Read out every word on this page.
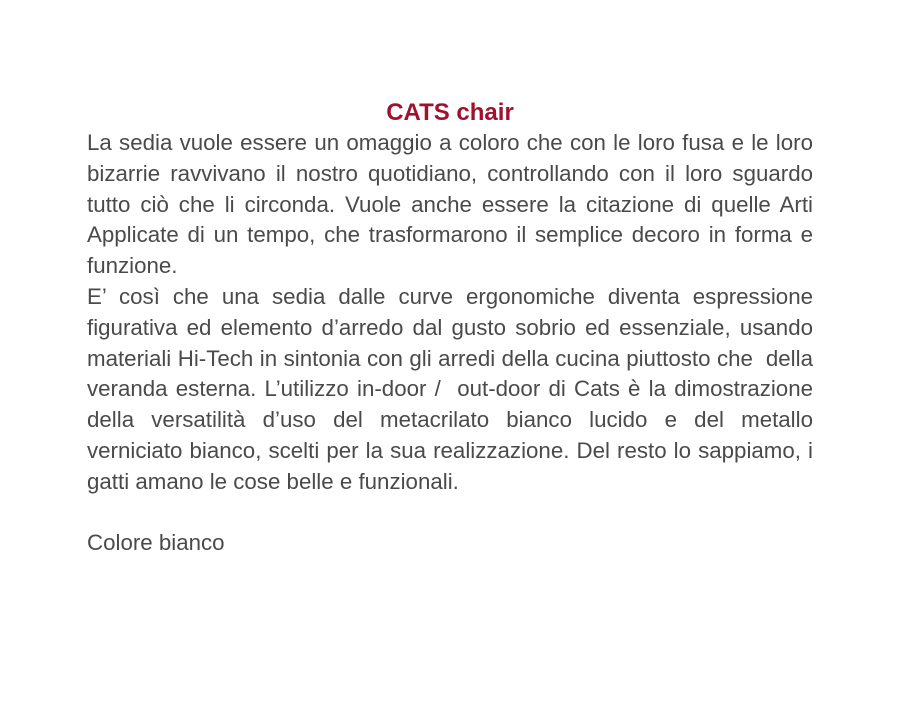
CATS chair

La sedia vuole essere un omaggio a coloro che con le loro fusa e le loro bizarrie ravvivano il nostro quotidiano, controllando con il loro sguardo tutto ciò che li circonda. Vuole anche essere la citazione di quelle Arti Applicate di un tempo, che trasformarono il semplice decoro in forma e funzione.

E’ così che una sedia dalle curve ergonomiche diventa espressione figurativa ed elemento d’arredo dal gusto sobrio ed essenziale, usando materiali Hi-Tech in sintonia con gli arredi della cucina piuttosto che  della veranda esterna. L’utilizzo in-door /  out-door di Cats è la dimostrazione della versatilità d’uso del metacrilato bianco lucido e del metallo verniciato bianco, scelti per la sua realizzazione. Del resto lo sappiamo, i gatti amano le cose belle e funzionali.

Colore bianco
